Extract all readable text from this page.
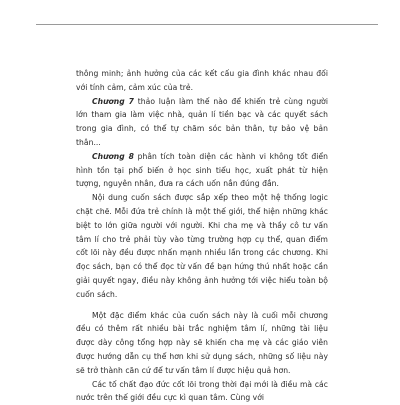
thông minh; ảnh hưởng của các kết cấu gia đình khác nhau đối với tính cảm, cảm xúc của trẻ.

Chương 7 thảo luận làm thế nào để khiến trẻ cùng người lớn tham gia làm việc nhà, quản lí tiền bạc và các quyết sách trong gia đình, có thể tự chăm sóc bản thân, tự bảo vệ bản thân...

Chương 8 phân tích toàn diện các hành vi không tốt điển hình tồn tại phổ biến ở học sinh tiểu học, xuất phát từ hiện tượng, nguyên nhân, đưa ra cách uốn nắn đúng đắn.

Nội dung cuốn sách được sắp xếp theo một hệ thống logic chặt chẽ. Mỗi đứa trẻ chính là một thế giới, thể hiện những khác biệt to lớn giữa người với người. Khi cha mẹ và thầy cô tư vấn tâm lí cho trẻ phải tùy vào từng trường hợp cụ thể, quan điểm cốt lõi này đều được nhấn mạnh nhiều lần trong các chương. Khi đọc sách, bạn có thể đọc từ vấn đề bạn hứng thú nhất hoặc cần giải quyết ngay, điều này không ảnh hưởng tới việc hiểu toàn bộ cuốn sách.

Một đặc điểm khác của cuốn sách này là cuối mỗi chương đều có thêm rất nhiều bài trắc nghiệm tâm lí, những tài liệu được dày công tổng hợp này sẽ khiến cha mẹ và các giáo viên được hướng dẫn cụ thể hơn khi sử dụng sách, những số liệu này sẽ trở thành căn cứ để tư vấn tâm lí được hiệu quả hơn.

Các tố chất đạo đức cốt lõi trong thời đại mới là điều mà các nước trên thế giới đều cực kì quan tâm. Cùng với
